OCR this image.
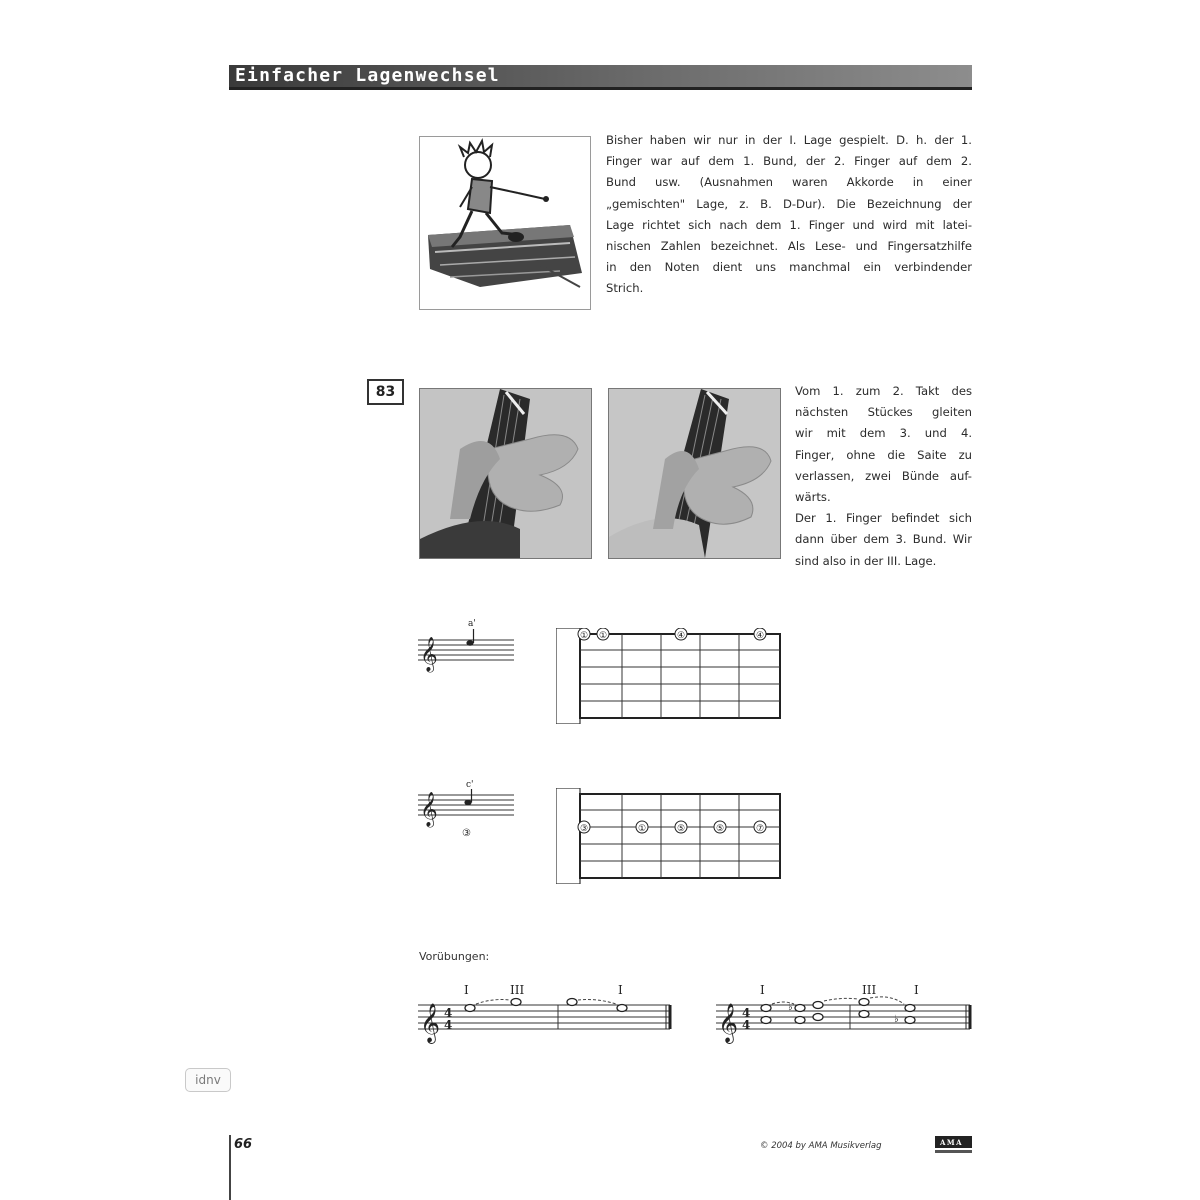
Einfacher Lagenwechsel
Bisher haben wir nur in der I. Lage gespielt. D. h. der 1.
Finger war auf dem 1. Bund, der 2. Finger auf dem 2.
Bund usw. (Ausnahmen waren Akkorde in einer
„gemischten" Lage, z. B. D-Dur). Die Bezeichnung der
Lage richtet sich nach dem 1. Finger und wird mit latei-
nischen Zahlen bezeichnet. Als Lese- und Fingersatzhilfe
in den Noten dient uns manchmal ein verbindender
Strich.
83	Vom 1. zum 2. Takt des
nächsten Stückes gleiten
wir mit dem 3. und 4.
Finger, ohne die Saite zu
verlassen, zwei Bünde auf-
wärts.
Der 1. Finger befindet sich
dann über dem 3. Bund. Wir
sind also in der III. Lage.
𝄞
a'
① ①	④	④
𝄞
c'
③	③	①	⑤	⑤	⑦
Vorübungen:
I	III	I
𝄞 4
4
I	III	I
𝄞 4
4
♭
♭
idnv
66	© 2004 by AMA Musikverlag	AMA
